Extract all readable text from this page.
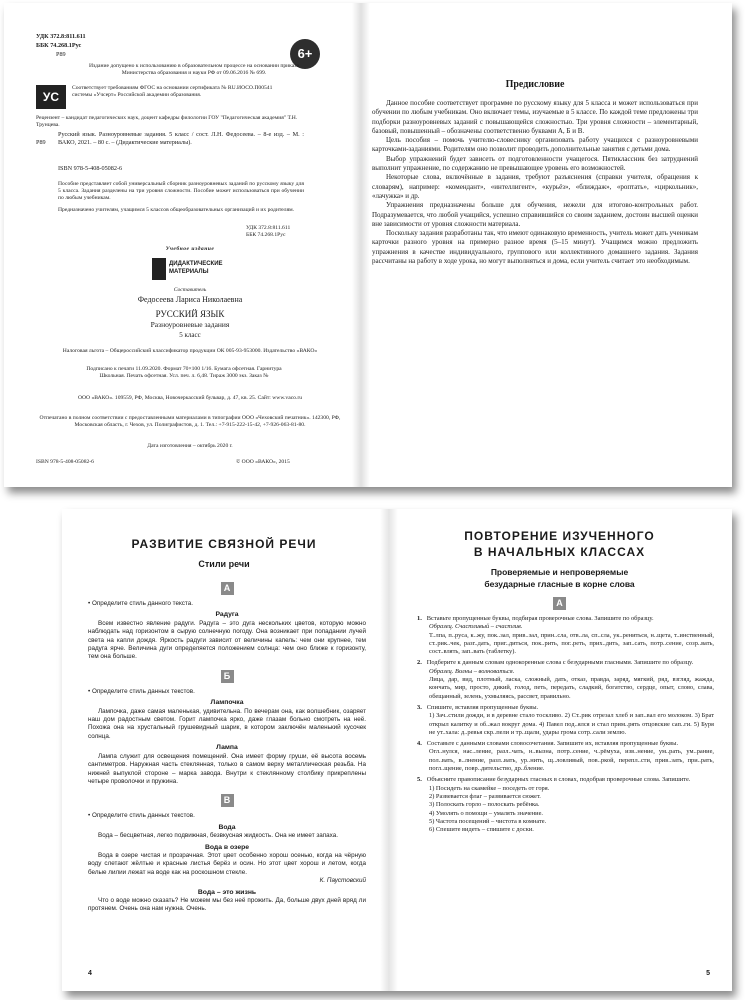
УДК 372.8:811.611
ББК 74.268.1Рус
Р89	6+
Издание допущено к использованию в образовательном процессе на основании приказа Министерства образования и науки РФ от 09.06.2016 № 699.
УС
Соответствует требованиям ФГОС на основании сертификата № RU.ИОСО.П00541 системы «Учсерт» Российской академии образования.
Рецензент – кандидат педагогических наук, доцент кафедры филологии ГОУ "Педагогическая академия" Т.Н. Трунцева.
Р89
Русский язык. Разноуровневые задания. 5 класс / сост. Л.Н. Федосеева. – 8-е изд. – М. : ВАКО, 2021. – 80 с. – (Дидактические материалы).
ISBN 978-5-408-05082-6
Пособие представляет собой универсальный сборник разноуровневых заданий по русскому языку для 5 класса. Задания разделены на три уровня сложности. Пособие может использоваться при обучении по любым учебникам.
Предназначено учителям, учащимся 5 классов общеобразовательных организаций и их родителям.
УДК 372.8:811.611
ББК 74.268.1Рус
Учебное издание
ДИДАКТИЧЕСКИЕ МАТЕРИАЛЫ
Составитель
Федосеева Лариса Николаевна
РУССКИЙ ЯЗЫК
Разноуровневые задания
5 класс
Налоговая льгота – Общероссийский классификатор продукции ОК 005-93-953000. Издательство «ВАКО»
Подписано к печати 11.09.2020. Формат 70×100 1/16. Бумага офсетная. Гарнитура Школьная. Печать офсетная. Усл. печ. л. 6,48. Тираж 3000 экз. Заказ №
ООО «ВАКО». 109559, РФ, Москва, Новочеркасский бульвар, д. 47, кв. 25. Сайт: www.vaco.ru
Отпечатано в полном соответствии с предоставленными материалами в типографии ООО «Чеховский печатник». 142300, РФ, Московская область, г. Чехов, ул. Полиграфистов, д. 1. Тел.: +7-915-222-15-42, +7-926-063-81-80.
Дата изготовления – октябрь 2020 г.
ISBN 978-5-408-05082-6	© ООО «ВАКО», 2015
Предисловие

Данное пособие соответствует программе по русскому языку для 5 класса и может использоваться при обучении по любым учебникам. Оно включает темы, изучаемые в 5 классе. По каждой теме предложены три подборки разноуровневых заданий с повышающейся сложностью. Три уровня сложности – элементарный, базовый, повышенный – обозначены соответственно буквами А, Б и В.

Цель пособия – помочь учителю-словеснику организовать работу учащихся с разноуровневыми карточками-заданиями. Родителям оно позволит проводить дополнительные занятия с детьми дома.

Выбор упражнений будет зависеть от подготовленности учащегося. Пятиклассник без затруднений выполнит упражнение, по содержанию не превышающее уровень его возможностей.

Некоторые слова, включённые в задания, требуют разъяснения (справки учителя, обращения к словарям), например: «комендант», «интеллигент», «курьёз», «ближдаж», «роптать», «циркольник», «лачужка» и др.

Упражнения предназначены больше для обучения, нежели для итогово-контрольных работ. Подразумевается, что любой учащийся, успешно справившийся со своим заданием, достоин высшей оценки вне зависимости от уровня сложности материала.

Поскольку задания разработаны так, что имеют одинаковую временность, учитель может дать ученикам карточки разного уровня на примерно разное время (5–15 минут). Учащимся можно предложить упражнения в качестве индивидуального, группового или коллективного домашнего задания. Задания рассчитаны на работу в ходе урока, но могут выполняться и дома, если учитель считает это необходимым.

РАЗВИТИЕ СВЯЗНОЙ РЕЧИ
Стили речи
А

• Определите стиль данного текста.

Радуга

Всем известно явление радуги. Радуга – это дуга нескольких цветов, которую можно наблюдать над горизонтом в сырую солнечную погоду. Она возникает при попадании лучей света на капли дождя. Яркость радуги зависит от величины капель: чем они крупнее, тем радуга ярче. Величина дуги определяется положением солнца: чем оно ближе к горизонту, тем она больше.

Б

• Определите стиль данных текстов.

Лампочка

Лампочка, даже самая маленькая, удивительна. По вечерам она, как волшебник, озаряет наш дом радостным светом. Горит лампочка ярко, даже глазам больно смотреть на неё. Похожа она на хрустальный грушевидный шарик, в котором заключён маленький кусочек солнца.

Лампа

Лампа служит для освещения помещений. Она имеет форму груши, её высота восемь сантиметров. Наружная часть стеклянная, только в самом верху металлическая резьба. На нижней выпуклой стороне – марка завода. Внутри к стеклянному столбику прикреплены четыре проволочки и пружина.

В

• Определите стиль данных текстов.

Вода

Вода – бесцветная, легко подвижная, безвкусная жидкость. Она не имеет запаха.

Вода в озере

Вода в озере чистая и прозрачная. Этот цвет особенно хорош осенью, когда на чёрную воду слетают жёлтые и красные листья берёз и осин. Но этот цвет хорош и летом, когда белые лилии лежат на воде как на роскошном стекле.

К. Паустовский

Вода – это жизнь

Что о воде можно сказать? Не можем мы без неё прожить. Да, больше двух дней вряд ли протянем. Очень она нам нужна. Очень.

4
ПОВТОРЕНИЕ ИЗУЧЕННОГО
В НАЧАЛЬНЫХ КЛАССАХ
Проверяемые и непроверяемые
безударные гласные в корне слова
А

1. Вставьте пропущенные буквы, подбирая проверочные слова. Запишите по образцу.

Образец. Счастливый – счастлив.

Т..лпа, п..руса, к..жу, пок..зал, прив..зал, прин..сла, отв..ла, сп..сла, ук..рениться, н..щета, т..инственный, ст..рик..чек, разг..дать, приг..диться, пок..рить, пог..реть, прих..дить, зап..сать, потр..сение, созр..вать, сост..влять, зап..вать (таблетку).

2. Подберите к данным словам однокоренные слова с безударными гласными. Запишите по образцу.

Образец. Волны – волноваться.

Лица, дар, вид, плотный, ласка, сложный, дать, отказ, правда, заряд, мягкий, ряд, взгляд, жажда, кончать, мир, просто, дикий, голод, петь, передать, сладкий, богатство, сердце, опыт, слово, слава, обещанный, зелень, ухмыляясь, рассвет, правильно.

3. Спишите, вставляя пропущенные буквы.

1) Зач..стили дожди, и в деревне стало тоскливо. 2) Ст..рик отрезал хлеб и зап..вал его молоком. 3) Брат открыл калитку и об..жал вокруг дома. 4) Павел под..ялся и стал прим..рять отцовские сап..ги. 5) Буря не ут..хала: д..ревья скр..пели и тр..щали, удары грома сотр..сали землю.

4. Составьте с данными словами словосочетания. Запишите их, вставляя пропущенные буквы.

Огл..нулся, нас..ление, разл..чать, н..вызна, потр..сение, ч..рёмуха, изв..нение, ум..рать, ум..рание, пол..вать, в..лнение, разл..вать, ур..нить, щ..ловливый, пов..ркой, перепл..сти, прив..зать, при..рать, погл..щение, повр..дительство, др..бление.

5. Объясните правописание безударных гласных в словах, подобрав проверочные слова. Запишите.

1) Посидеть на скамейке – поседеть от горя.

2) Развевается флаг – развивается сюжет.

3) Полоскать горло – полоскать ребёнка.

4) Умолять о помощи – умалять значение.

5) Частота посещений – чистота в комнате.

6) Спешите видеть – спишите с доски.

5
